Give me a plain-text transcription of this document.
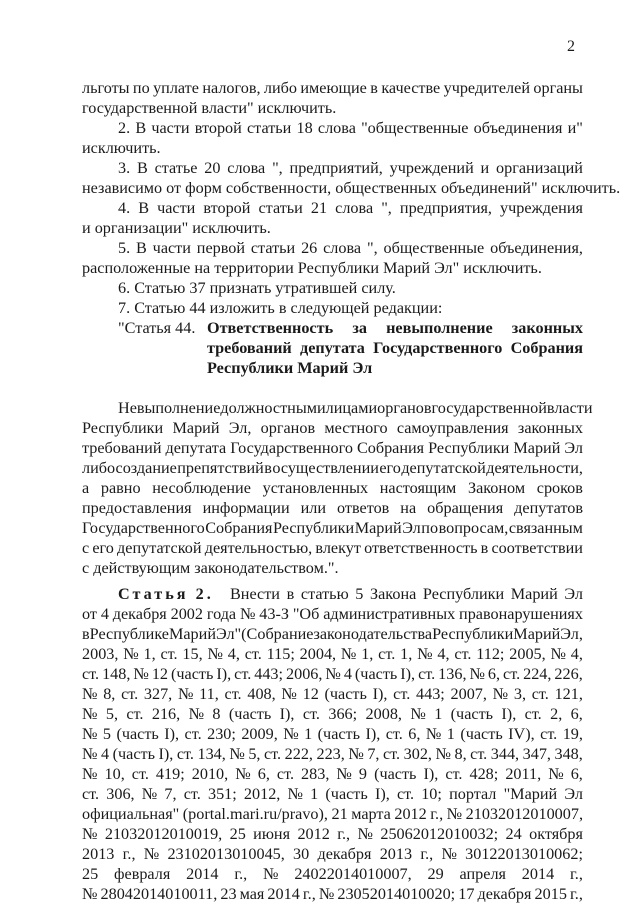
2
льготы по уплате налогов, либо имеющие в качестве учредителей органы
государственной власти" исключить.
2. В части второй статьи 18 слова "общественные объединения и"
исключить.
3. В статье 20 слова ", предприятий, учреждений и организаций
независимо от форм собственности, общественных объединений" исключить.
4. В части второй статьи 21 слова ", предприятия, учреждения
и организации" исключить.
5. В части первой статьи 26 слова ", общественные объединения,
расположенные на территории Республики Марий Эл" исключить.
6. Статью 37 признать утратившей силу.
7. Статью 44 изложить в следующей редакции:
"Статья 44. Ответственность за невыполнение законных
требований депутата Государственного Собрания
Республики Марий Эл
Невыполнение должностными лицами органов государственной власти
Республики Марий Эл, органов местного самоуправления законных
требований депутата Государственного Собрания Республики Марий Эл
либо создание препятствий в осуществлении его депутатской деятельности,
а равно несоблюдение установленных настоящим Законом сроков
предоставления информации или ответов на обращения депутатов
Государственного Собрания Республики Марий Эл по вопросам, связанным
с его депутатской деятельностью, влекут ответственность в соответствии
с действующим законодательством.".
Статья 2. Внести в статью 5 Закона Республики Марий Эл
от 4 декабря 2002 года № 43-З "Об административных правонарушениях
в Республике Марий Эл" (Собрание законодательства Республики Марий Эл,
2003, № 1, ст. 15, № 4, ст. 115; 2004, № 1, ст. 1, № 4, ст. 112; 2005, № 4,
ст. 148, № 12 (часть I), ст. 443; 2006, № 4 (часть I), ст. 136, № 6, ст. 224, 226,
№ 8, ст. 327, № 11, ст. 408, № 12 (часть I), ст. 443; 2007, № 3, ст. 121,
№ 5, ст. 216, № 8 (часть I), ст. 366; 2008, № 1 (часть I), ст. 2, 6,
№ 5 (часть I), ст. 230; 2009, № 1 (часть I), ст. 6, № 1 (часть IV), ст. 19,
№ 4 (часть I), ст. 134, № 5, ст. 222, 223, № 7, ст. 302, № 8, ст. 344, 347, 348,
№ 10, ст. 419; 2010, № 6, ст. 283, № 9 (часть I), ст. 428; 2011, № 6,
ст. 306, № 7, ст. 351; 2012, № 1 (часть I), ст. 10; портал "Марий Эл
официальная" (portal.mari.ru/pravo), 21 марта 2012 г., № 21032012010007,
№ 21032012010019, 25 июня 2012 г., № 25062012010032; 24 октября
2013 г., № 23102013010045, 30 декабря 2013 г., № 30122013010062;
25 февраля 2014 г., № 24022014010007, 29 апреля 2014 г.,
№ 28042014010011, 23 мая 2014 г., № 23052014010020; 17 декабря 2015 г.,
